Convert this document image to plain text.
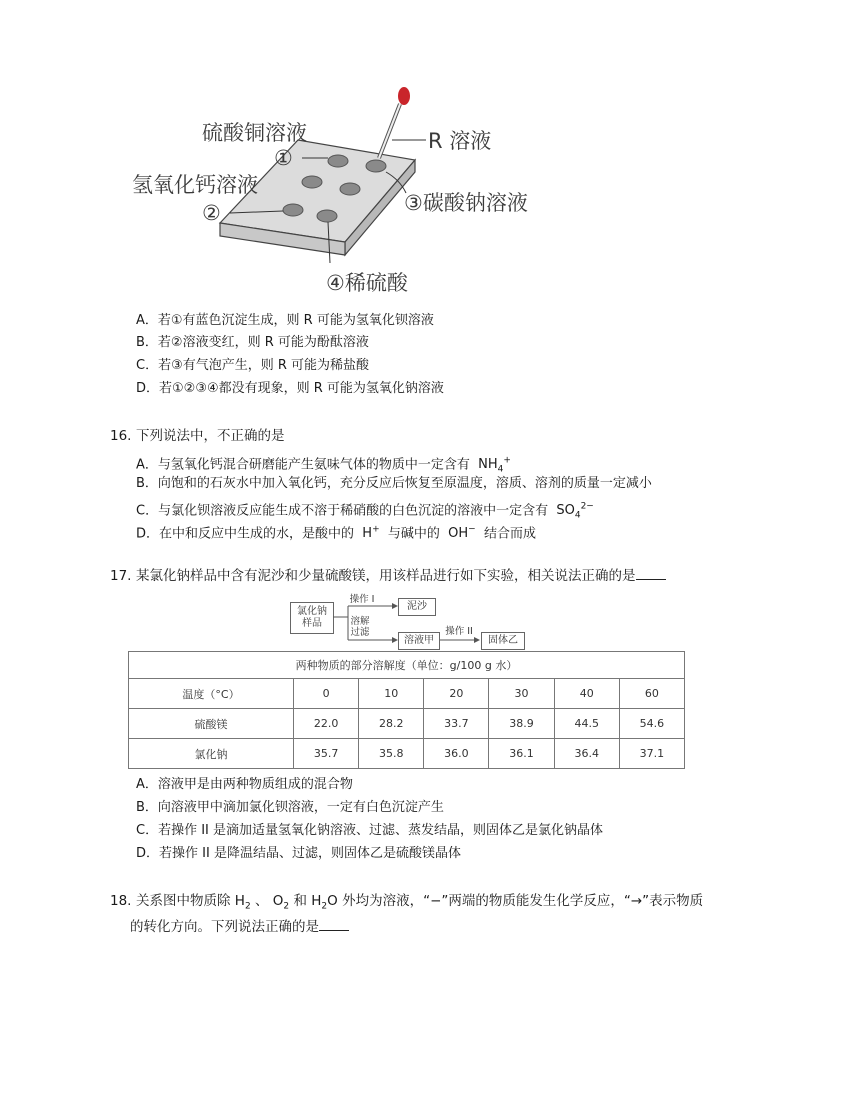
硫酸铜溶液
①
R 溶液
氢氧化钙溶液
②	③碳酸钠溶液
④稀硫酸
A．若①有蓝色沉淀生成，则 R 可能为氢氧化钡溶液
B．若②溶液变红，则 R 可能为酚酞溶液
C．若③有气泡产生，则 R 可能为稀盐酸
D．若①②③④都没有现象，则 R 可能为氢氧化钠溶液
16. 下列说法中，不正确的是
A．与氢氧化钙混合研磨能产生氨味气体的物质中一定含有 $NH_4^+$
B．向饱和的石灰水中加入氧化钙，充分反应后恢复至原温度，溶质、溶剂的质量一定减小
C．与氯化钡溶液反应能生成不溶于稀硝酸的白色沉淀的溶液中一定含有 $SO_4^{2-}$
D．在中和反应中生成的水，是酸中的 H+ 与碱中的 OH− 结合而成
17. 某氯化钠样品中含有泥沙和少量硫酸镁，用该样品进行如下实验，相关说法正确的是
氯化钠
样品
操作 I
溶解
过滤
泥沙
溶液甲
操作 II
固体乙
两种物质的部分溶解度（单位：g/100 g 水）						
温度（°C）	0	10	20	30	40	60
硫酸镁	22.0	28.2	33.7	38.9	44.5	54.6
氯化钠	35.7	35.8	36.0	36.1	36.4	37.1
A．溶液甲是由两种物质组成的混合物
B．向溶液甲中滴加氯化钡溶液，一定有白色沉淀产生
C．若操作 II 是滴加适量氢氧化钠溶液、过滤、蒸发结晶，则固体乙是氯化钠晶体
D．若操作 II 是降温结晶、过滤，则固体乙是硫酸镁晶体
18. 关系图中物质除 $H_2$ 、 $O_2$ 和 $H_2O$ 外均为溶液，“−”两端的物质能发生化学反应，“→”表示物质
的转化方向。下列说法正确的是
